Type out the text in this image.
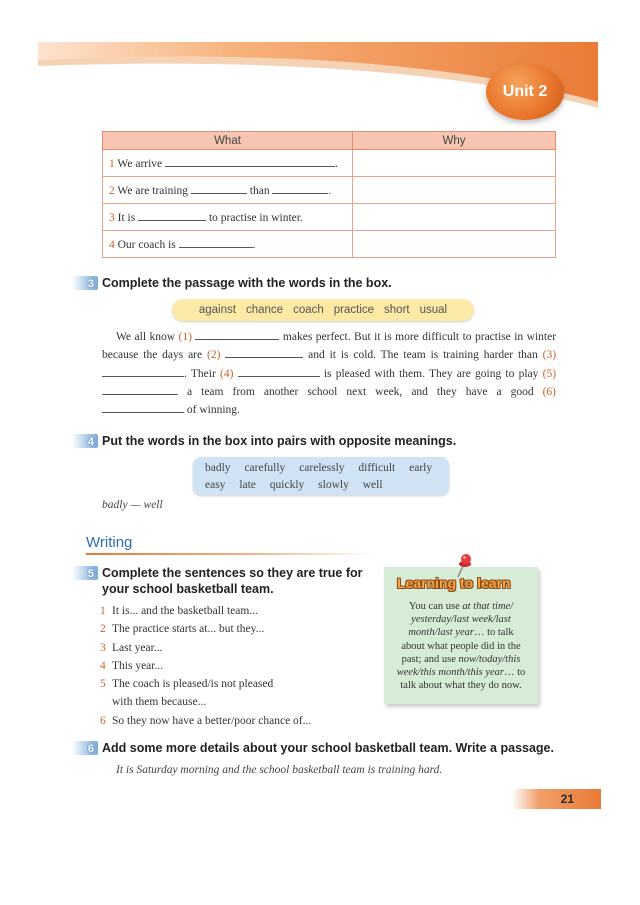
Unit 2
What	Why
1 We arrive .	
2 We are training than .	
3 It is to practise in winter.	
4 Our coach is .	
3 Complete the passage with the words in the box.
against chance coach practice short usual
We all know (1)	makes perfect. But it is more difficult to practise in winter because the days are (2)	and it is cold. The team is training harder than (3) . Their (4)	is pleased with them. They are going to play (5)  a team from another school next week, and they have a good (6)  of winning.
4 Put the words in the box into pairs with opposite meanings.
badly carefully carelessly difficult early
easy late quickly slowly well
badly — well
Writing
5 Complete the sentences so they are true for
your school basketball team.
1 It is... and the basketball team...
2 The practice starts at... but they...
3 Last year...
4 This year...
5 The coach is pleased/is not pleased
with them because...
6 So they now have a better/poor chance of...
Learning to learn
You can use at that time/
yesterday/last week/last
month/last year… to talk
about what people did in the
past; and use now/today/this
week/this month/this year… to
talk about what they do now.
6 Add some more details about your school basketball team. Write a passage.
It is Saturday morning and the school basketball team is training hard.
21
